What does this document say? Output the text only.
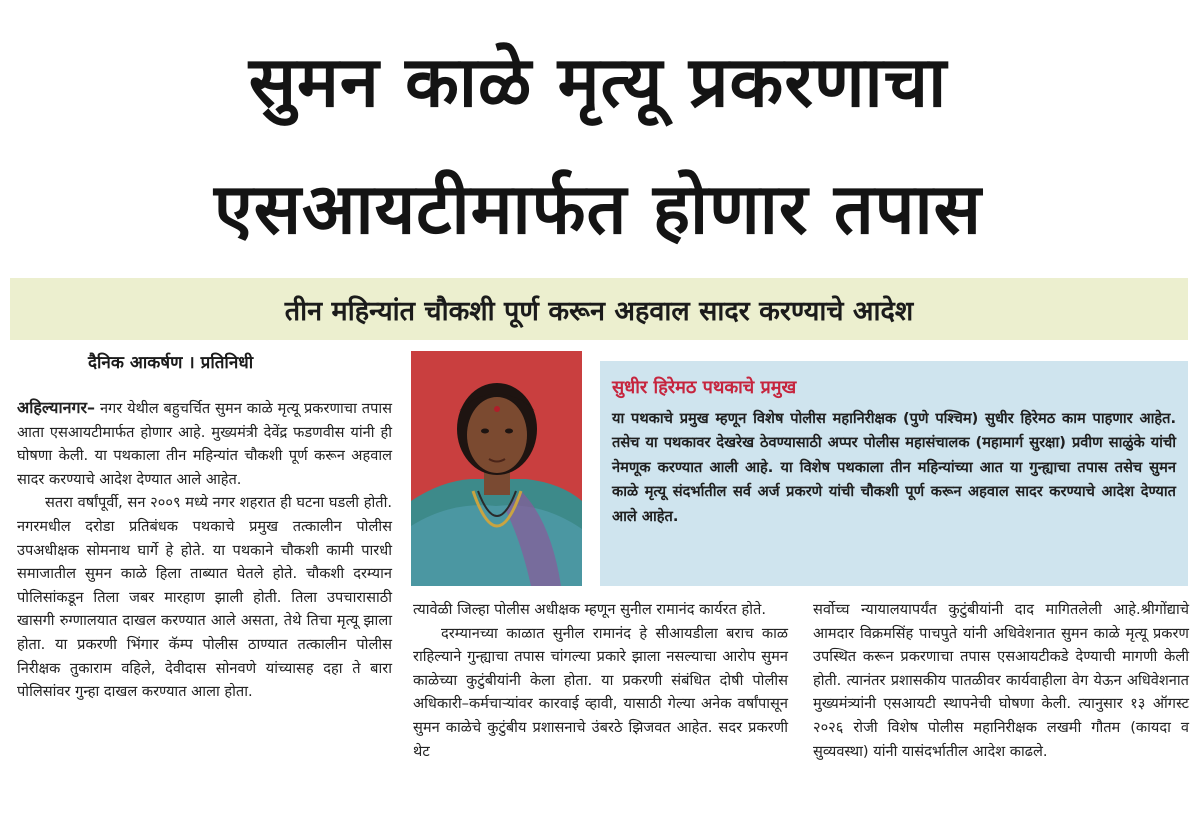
सुमन काळे मृत्यू प्रकरणाचा
एसआयटीमार्फत होणार तपास
तीन महिन्यांत चौकशी पूर्ण करून अहवाल सादर करण्याचे आदेश
दैनिक आकर्षण । प्रतिनिधी

अहिल्यानगर– नगर येथील बहुचर्चित सुमन काळे मृत्यू प्रकरणाचा तपास आता एसआयटीमार्फत होणार आहे. मुख्यमंत्री देवेंद्र फडणवीस यांनी ही घोषणा केली. या पथकाला तीन महिन्यांत चौकशी पूर्ण करून अहवाल सादर करण्याचे आदेश देण्यात आले आहेत.

सतरा वर्षांपूर्वी, सन २००९ मध्ये नगर शहरात ही घटना घडली होती. नगरमधील दरोडा प्रतिबंधक पथकाचे प्रमुख तत्कालीन पोलीस उपअधीक्षक सोमनाथ घार्गे हे होते. या पथकाने चौकशी कामी पारधी समाजातील सुमन काळे हिला ताब्यात घेतले होते. चौकशी दरम्यान पोलिसांकडून तिला जबर मारहाण झाली होती. तिला उपचारासाठी खासगी रुग्णालयात दाखल करण्यात आले असता, तेथे तिचा मृत्यू झाला होता. या प्रकरणी भिंगार कॅम्प पोलीस ठाण्यात तत्कालीन पोलीस निरीक्षक तुकाराम वहिले, देवीदास सोनवणे यांच्यासह दहा ते बारा पोलिसांवर गुन्हा दाखल करण्यात आला होता.

सुधीर हिरेमठ पथकाचे प्रमुख
या पथकाचे प्रमुख म्हणून विशेष पोलीस महानिरीक्षक (पुणे पश्चिम) सुधीर हिरेमठ काम पाहणार आहेत. तसेच या पथकावर देखरेख ठेवण्यासाठी अप्पर पोलीस महासंचालक (महामार्ग सुरक्षा) प्रवीण साळुंके यांची नेमणूक करण्यात आली आहे. या विशेष पथकाला तीन महिन्यांच्या आत या गुन्ह्याचा तपास तसेच सुमन काळे मृत्यू संदर्भातील सर्व अर्ज प्रकरणे यांची चौकशी पूर्ण करून अहवाल सादर करण्याचे आदेश देण्यात आले आहेत.

त्यावेळी जिल्हा पोलीस अधीक्षक म्हणून सुनील रामानंद कार्यरत होते.

दरम्यानच्या काळात सुनील रामानंद हे सीआयडीला बराच काळ राहिल्याने गुन्ह्याचा तपास चांगल्या प्रकारे झाला नसल्याचा आरोप सुमन काळेच्या कुटुंबीयांनी केला होता. या प्रकरणी संबंधित दोषी पोलीस अधिकारी–कर्मचाऱ्यांवर कारवाई व्हावी, यासाठी गेल्या अनेक वर्षांपासून सुमन काळेचे कुटुंबीय प्रशासनाचे उंबरठे झिजवत आहेत. सदर प्रकरणी थेट

सर्वोच्च न्यायालयापर्यंत कुटुंबीयांनी दाद मागितलेली आहे.श्रीगोंद्याचे आमदार विक्रमसिंह पाचपुते यांनी अधिवेशनात सुमन काळे मृत्यू प्रकरण उपस्थित करून प्रकरणाचा तपास एसआयटीकडे देण्याची मागणी केली होती. त्यानंतर प्रशासकीय पातळीवर कार्यवाहीला वेग येऊन अधिवेशनात मुख्यमंत्र्यांनी एसआयटी स्थापनेची घोषणा केली. त्यानुसार १३ ऑगस्ट २०२६ रोजी विशेष पोलीस महानिरीक्षक लखमी गौतम (कायदा व सुव्यवस्था) यांनी यासंदर्भातील आदेश काढले.
